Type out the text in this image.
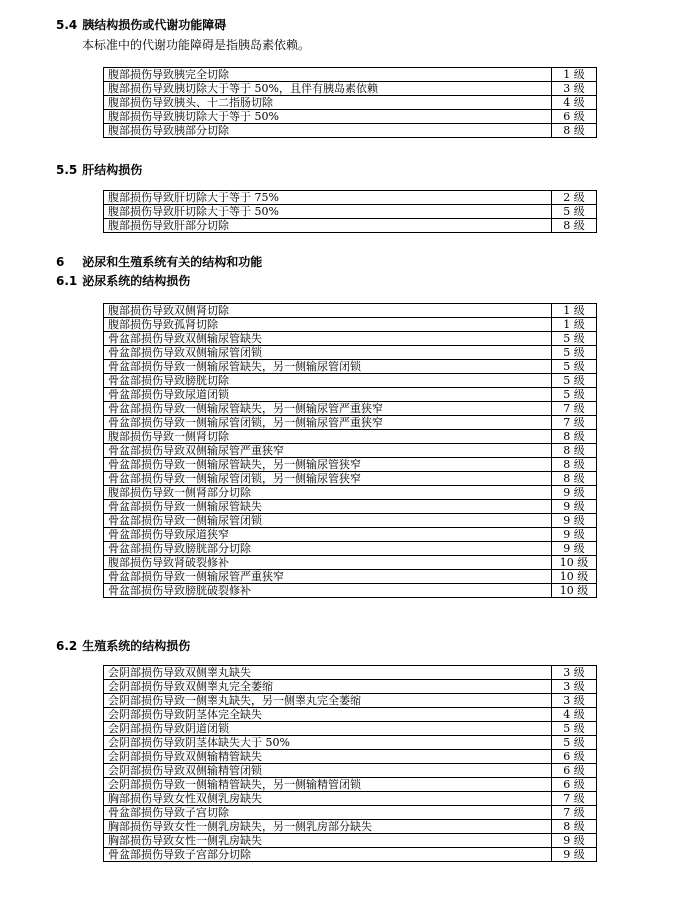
5.4 胰结构损伤或代谢功能障碍
本标准中的代谢功能障碍是指胰岛素依赖。
腹部损伤导致胰完全切除	1 级
腹部损伤导致胰切除大于等于 50%，且伴有胰岛素依赖	3 级
腹部损伤导致胰头、十二指肠切除	4 级
腹部损伤导致胰切除大于等于 50%	6 级
腹部损伤导致胰部分切除	8 级
5.5 肝结构损伤
腹部损伤导致肝切除大于等于 75%	2 级
腹部损伤导致肝切除大于等于 50%	5 级
腹部损伤导致肝部分切除	8 级
6 泌尿和生殖系统有关的结构和功能
6.1 泌尿系统的结构损伤
腹部损伤导致双侧肾切除	1 级
腹部损伤导致孤肾切除	1 级
骨盆部损伤导致双侧输尿管缺失	5 级
骨盆部损伤导致双侧输尿管闭锁	5 级
骨盆部损伤导致一侧输尿管缺失，另一侧输尿管闭锁	5 级
骨盆部损伤导致膀胱切除	5 级
骨盆部损伤导致尿道闭锁	5 级
骨盆部损伤导致一侧输尿管缺失，另一侧输尿管严重狭窄	7 级
骨盆部损伤导致一侧输尿管闭锁，另一侧输尿管严重狭窄	7 级
腹部损伤导致一侧肾切除	8 级
骨盆部损伤导致双侧输尿管严重狭窄	8 级
骨盆部损伤导致一侧输尿管缺失，另一侧输尿管狭窄	8 级
骨盆部损伤导致一侧输尿管闭锁，另一侧输尿管狭窄	8 级
腹部损伤导致一侧肾部分切除	9 级
骨盆部损伤导致一侧输尿管缺失	9 级
骨盆部损伤导致一侧输尿管闭锁	9 级
骨盆部损伤导致尿道狭窄	9 级
骨盆部损伤导致膀胱部分切除	9 级
腹部损伤导致肾破裂修补	10 级
骨盆部损伤导致一侧输尿管严重狭窄	10 级
骨盆部损伤导致膀胱破裂修补	10 级
6.2 生殖系统的结构损伤
会阴部损伤导致双侧睾丸缺失	3 级
会阴部损伤导致双侧睾丸完全萎缩	3 级
会阴部损伤导致一侧睾丸缺失，另一侧睾丸完全萎缩	3 级
会阴部损伤导致阴茎体完全缺失	4 级
会阴部损伤导致阴道闭锁	5 级
会阴部损伤导致阴茎体缺失大于 50%	5 级
会阴部损伤导致双侧输精管缺失	6 级
会阴部损伤导致双侧输精管闭锁	6 级
会阴部损伤导致一侧输精管缺失，另一侧输精管闭锁	6 级
胸部损伤导致女性双侧乳房缺失	7 级
骨盆部损伤导致子宫切除	7 级
胸部损伤导致女性一侧乳房缺失，另一侧乳房部分缺失	8 级
胸部损伤导致女性一侧乳房缺失	9 级
骨盆部损伤导致子宫部分切除	9 级
